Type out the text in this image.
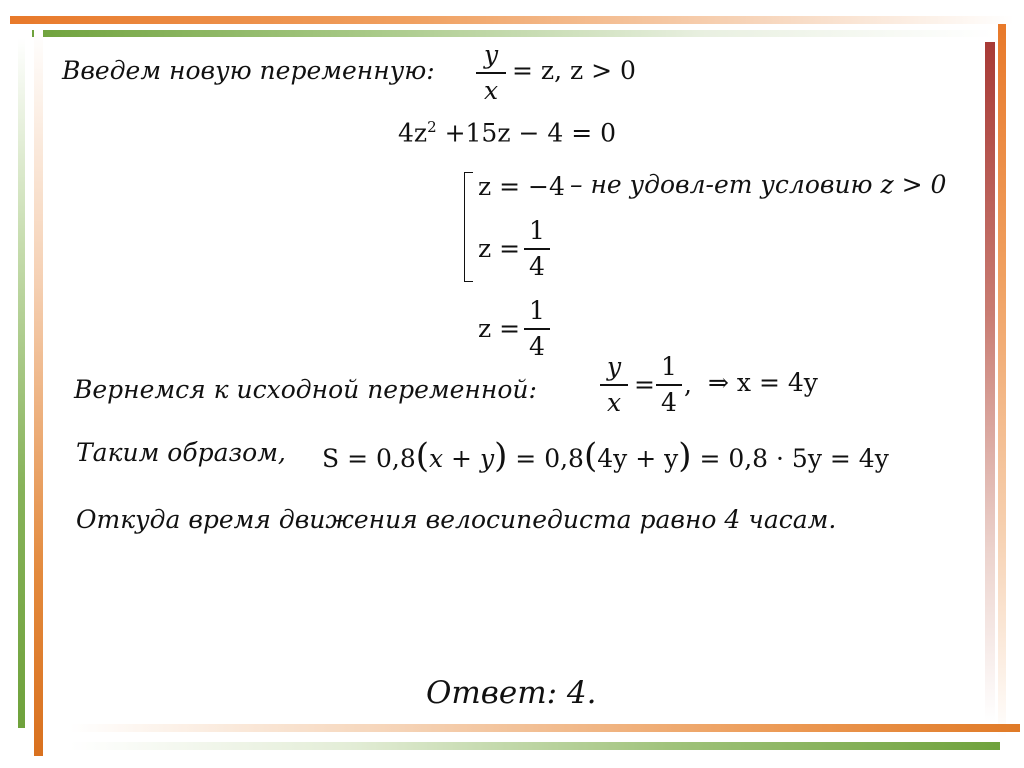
Введем новую переменную:
y
x
= z, z > 0
$4z^2 +15z - 4 = 0$
z = −4 – не удовл-ет условию z > 0
z =
1
4
z =
1
4
Вернемся к исходной переменной:
y
x
=
1
4
, ⇒ x = 4y
Таким образом, S = 0,8(x + y) = 0,8(4y + y) = 0,8 · 5y = 4y
Откуда время движения велосипедиста равно 4 часам.
Ответ: 4.
